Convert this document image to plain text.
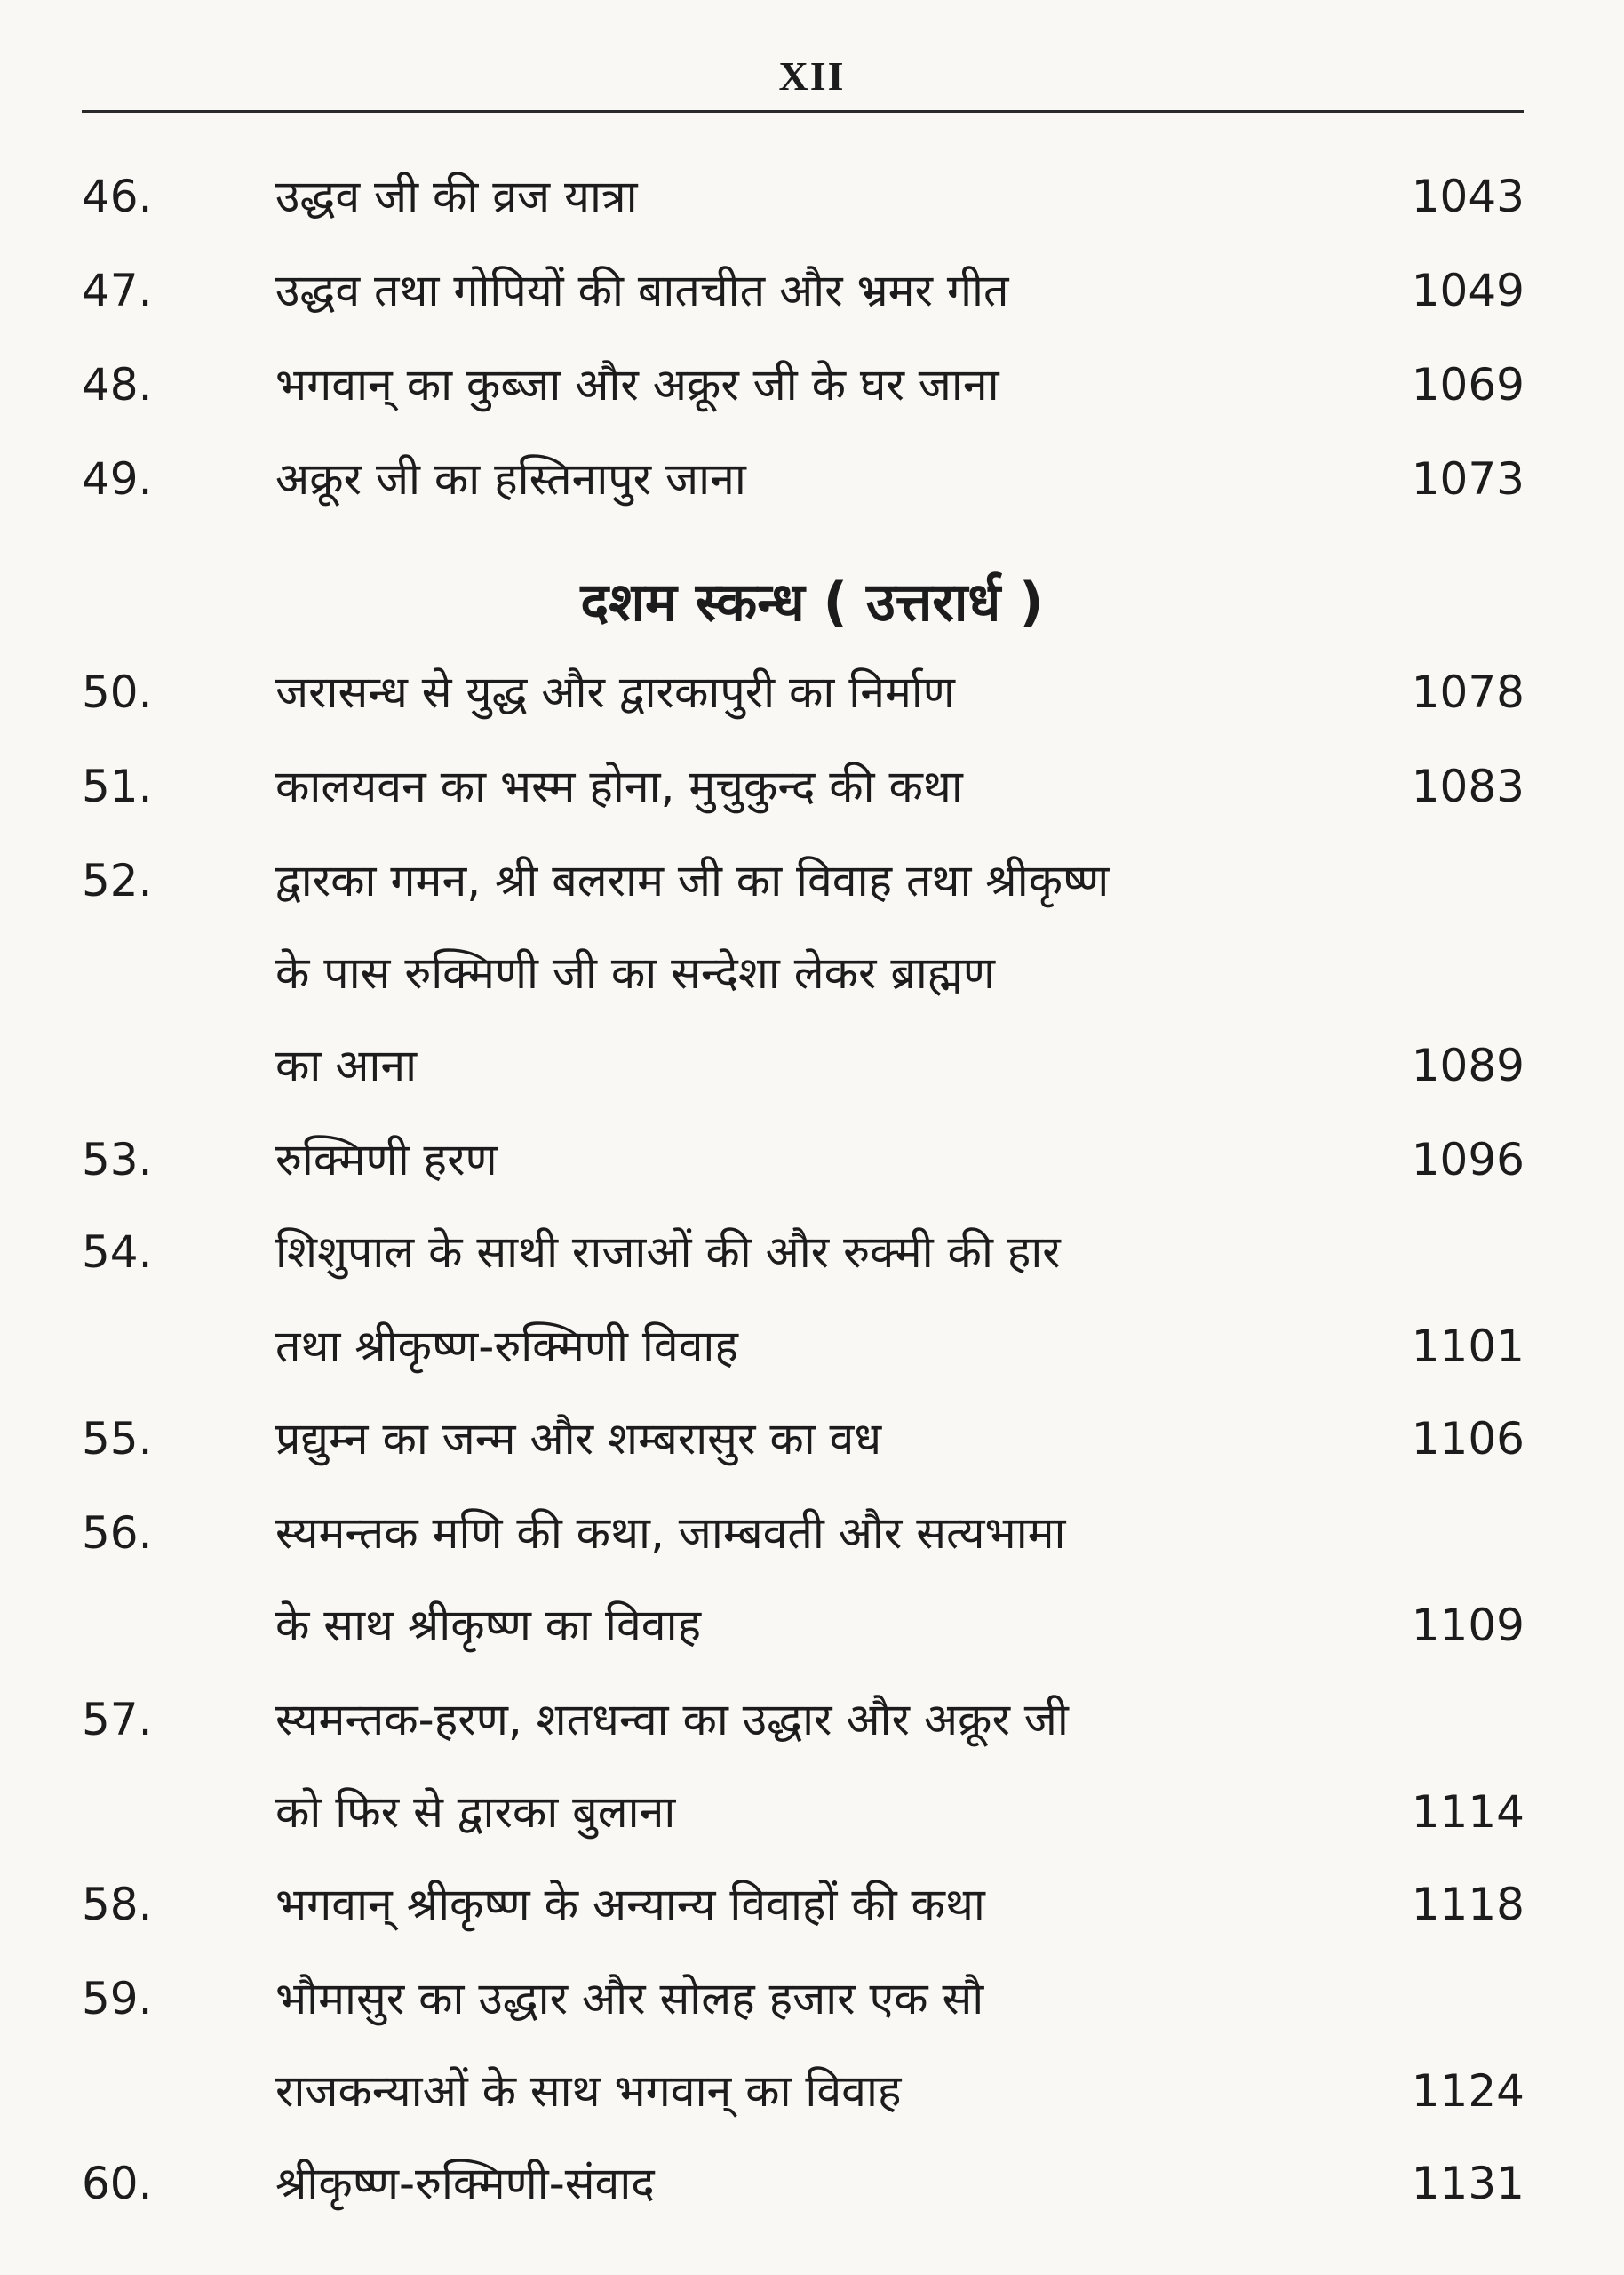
XII
46.	उद्धव जी की व्रज यात्रा	1043
47.	उद्धव तथा गोपियों की बातचीत और भ्रमर गीत	1049
48.	भगवान् का कुब्जा और अक्रूर जी के घर जाना	1069
49.	अक्रूर जी का हस्तिनापुर जाना	1073
दशम स्कन्ध ( उत्तरार्ध )
50.	जरासन्ध से युद्ध और द्वारकापुरी का निर्माण	1078
51.	कालयवन का भस्म होना, मुचुकुन्द की कथा	1083
52.	द्वारका गमन, श्री बलराम जी का विवाह तथा श्रीकृष्ण
के पास रुक्मिणी जी का सन्देशा लेकर ब्राह्मण
का आना	1089
53.	रुक्मिणी हरण	1096
54.	शिशुपाल के साथी राजाओं की और रुक्मी की हार
तथा श्रीकृष्ण-रुक्मिणी विवाह	1101
55.	प्रद्युम्न का जन्म और शम्बरासुर का वध	1106
56.	स्यमन्तक मणि की कथा, जाम्बवती और सत्यभामा
के साथ श्रीकृष्ण का विवाह	1109
57.	स्यमन्तक-हरण, शतधन्वा का उद्धार और अक्रूर जी
को फिर से द्वारका बुलाना	1114
58.	भगवान् श्रीकृष्ण के अन्यान्य विवाहों की कथा	1118
59.	भौमासुर का उद्धार और सोलह हजार एक सौ
राजकन्याओं के साथ भगवान् का विवाह	1124
60.	श्रीकृष्ण-रुक्मिणी-संवाद	1131
